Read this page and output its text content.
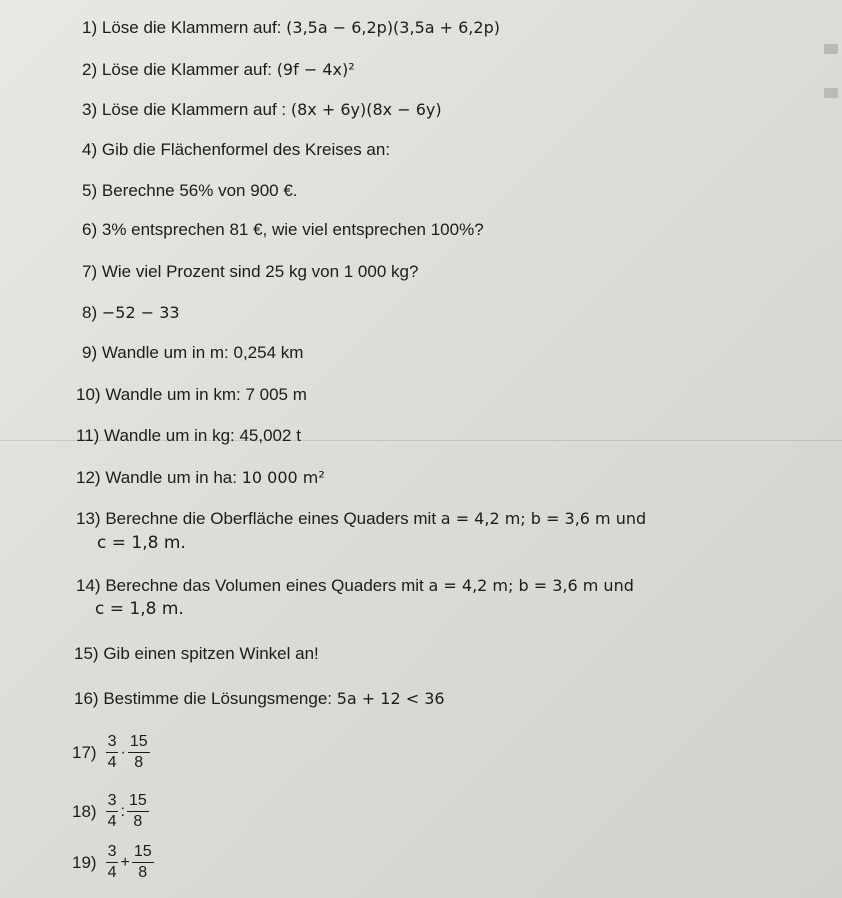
1) Löse die Klammern auf: (3,5a − 6,2p)(3,5a + 6,2p)
2) Löse die Klammer auf: (9f − 4x)²
3) Löse die Klammern auf : (8x + 6y)(8x − 6y)
4) Gib die Flächenformel des Kreises an:
5) Berechne 56% von 900 €.
6) 3% entsprechen 81 €, wie viel entsprechen 100%?
7) Wie viel Prozent sind 25 kg von 1 000 kg?
8) −52 − 33
9) Wandle um in m: 0,254 km
10) Wandle um in km: 7 005 m
11) Wandle um in kg: 45,002 t
12) Wandle um in ha: 10 000 m²
13) Berechne die Oberfläche eines Quaders mit a = 4,2 m; b = 3,6 m und
c = 1,8 m.
14) Berechne das Volumen eines Quaders mit a = 4,2 m; b = 3,6 m und
c = 1,8 m.
15) Gib einen spitzen Winkel an!
16) Bestimme die Lösungsmenge: 5a + 12 < 36
$17) \frac{3}{4} \cdot \frac{15}{8}$
$18) \frac{3}{4}$ : $\frac{15}{8}$
$19) \frac{3}{4} + \frac{15}{8}$
